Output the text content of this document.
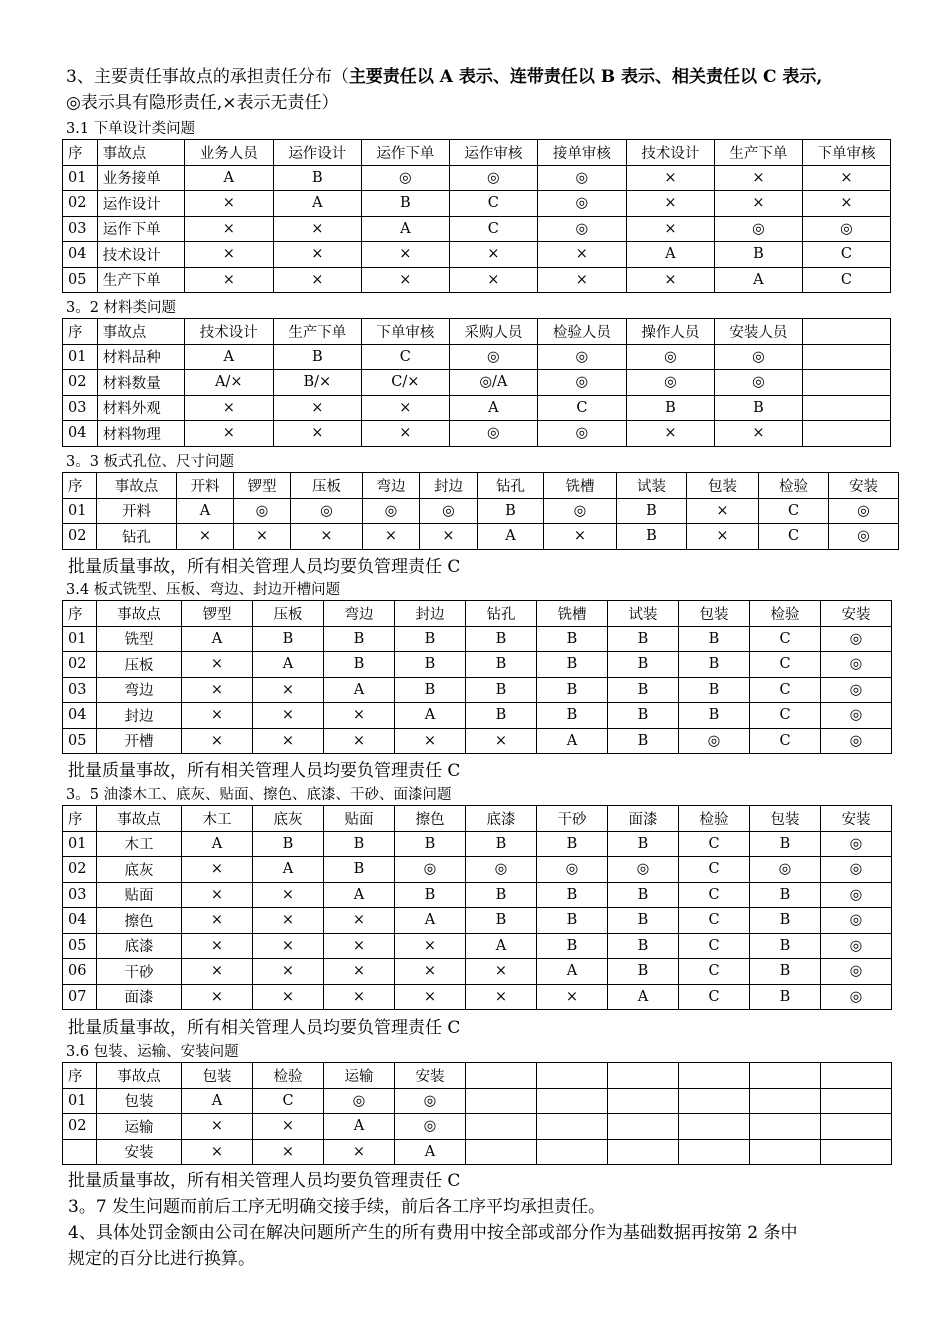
3、主要责任事故点的承担责任分布（主要责任以 A 表示、连带责任以 B 表示、相关责任以 C 表示,
◎表示具有隐形责任,×表示无责任）
3.1 下单设计类问题
序	事故点	业务人员	运作设计	运作下单	运作审核	接单审核	技术设计	生产下单	下单审核
01	业务接单	A	B	◎	◎	◎	×	×	×
02	运作设计	×	A	B	C	◎	×	×	×
03	运作下单	×	×	A	C	◎	×	◎	◎
04	技术设计	×	×	×	×	×	A	B	C
05	生产下单	×	×	×	×	×	×	A	C
3。2 材料类问题
序	事故点	技术设计	生产下单	下单审核	采购人员	检验人员	操作人员	安装人员	
01	材料品种	A	B	C	◎	◎	◎	◎	
02	材料数量	A/×	B/×	C/×	◎/A	◎	◎	◎	
03	材料外观	×	×	×	A	C	B	B	
04	材料物理	×	×	×	◎	◎	×	×	
3。3 板式孔位、尺寸问题
序	事故点	开料	锣型	压板	弯边	封边	钻孔	铣槽	试装	包装	检验	安装
01	开料	A	◎	◎	◎	◎	B	◎	B	×	C	◎
02	钻孔	×	×	×	×	×	A	×	B	×	C	◎
批量质量事故，所有相关管理人员均要负管理责任 C
3.4 板式铣型、压板、弯边、封边开槽问题
序	事故点	锣型	压板	弯边	封边	钻孔	铣槽	试装	包装	检验	安装
01	铣型	A	B	B	B	B	B	B	B	C	◎
02	压板	×	A	B	B	B	B	B	B	C	◎
03	弯边	×	×	A	B	B	B	B	B	C	◎
04	封边	×	×	×	A	B	B	B	B	C	◎
05	开槽	×	×	×	×	×	A	B	◎	C	◎
批量质量事故，所有相关管理人员均要负管理责任 C
3。5 油漆木工、底灰、贴面、擦色、底漆、干砂、面漆问题
序	事故点	木工	底灰	贴面	擦色	底漆	干砂	面漆	检验	包装	安装
01	木工	A	B	B	B	B	B	B	C	B	◎
02	底灰	×	A	B	◎	◎	◎	◎	C	◎	◎
03	贴面	×	×	A	B	B	B	B	C	B	◎
04	擦色	×	×	×	A	B	B	B	C	B	◎
05	底漆	×	×	×	×	A	B	B	C	B	◎
06	干砂	×	×	×	×	×	A	B	C	B	◎
07	面漆	×	×	×	×	×	×	A	C	B	◎
批量质量事故，所有相关管理人员均要负管理责任 C
3.6 包装、运输、安装问题
序	事故点	包装	检验	运输	安装						
01	包装	A	C	◎	◎						
02	运输	×	×	A	◎						
	安装	×	×	×	A						
批量质量事故，所有相关管理人员均要负管理责任 C
3。7 发生问题而前后工序无明确交接手续，前后各工序平均承担责任。
4、具体处罚金额由公司在解决问题所产生的所有费用中按全部或部分作为基础数据再按第 2 条中
规定的百分比进行换算。
